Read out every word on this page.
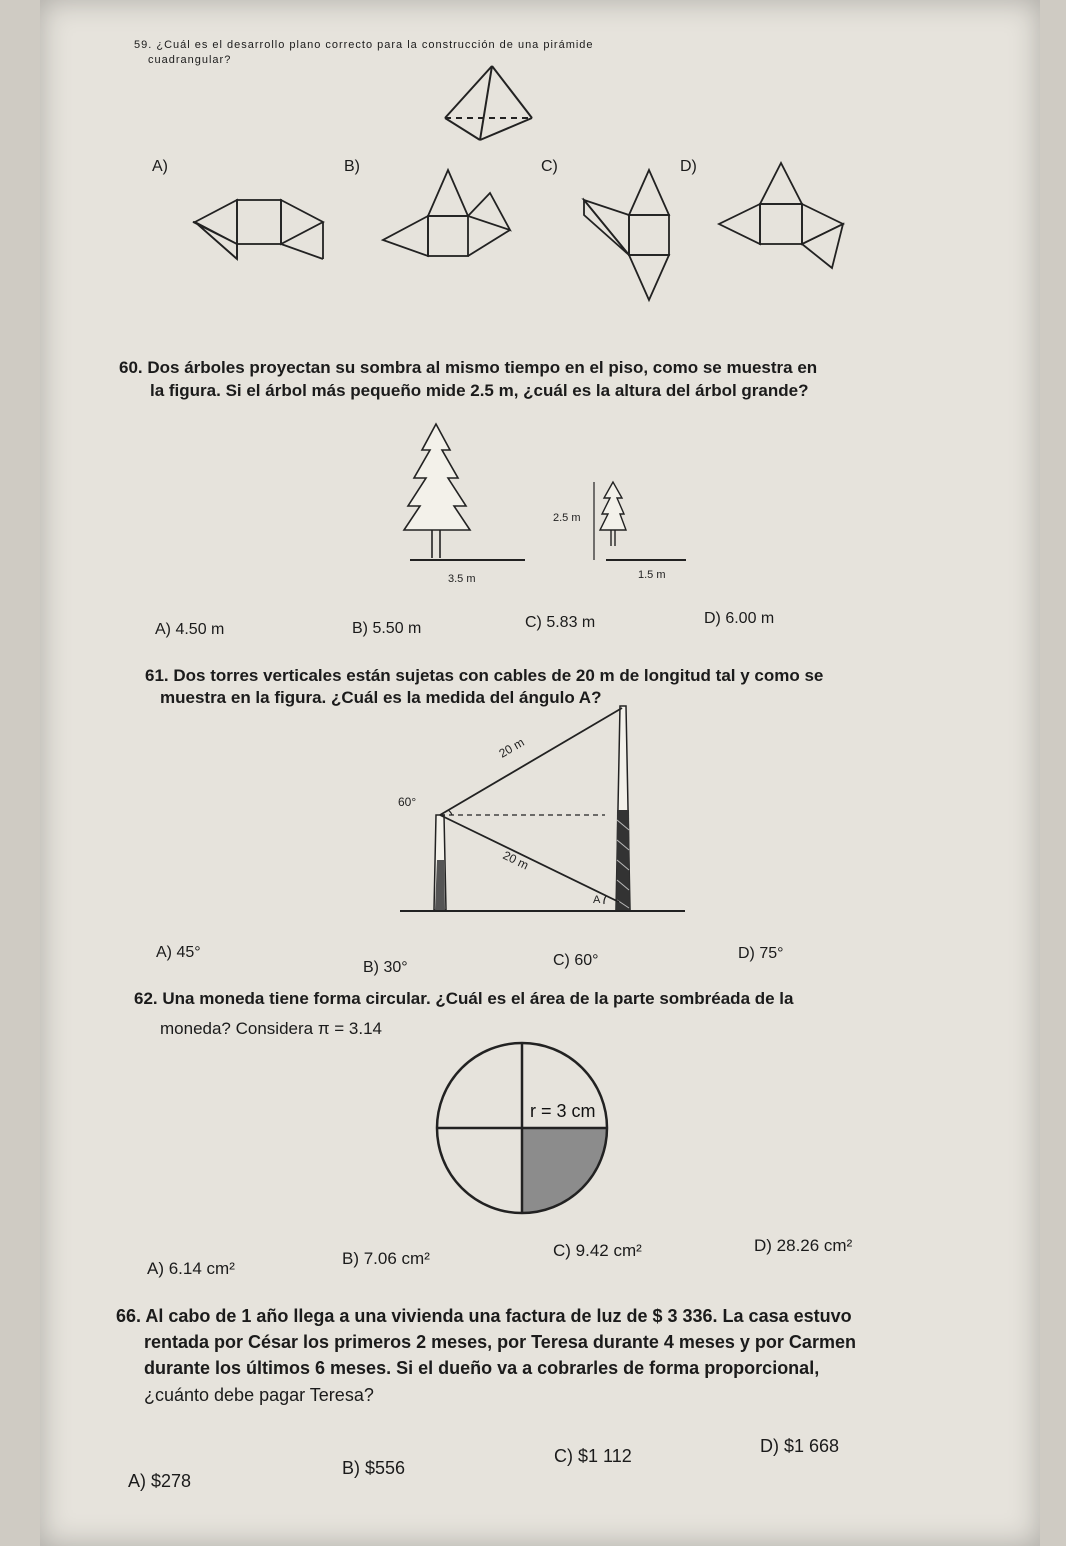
59. ¿Cuál es el desarrollo plano correcto para la construcción de una pirámide
cuadrangular?
A)	B)	C)	D)
60. Dos árboles proyectan su sombra al mismo tiempo en el piso, como se muestra en
la figura. Si el árbol más pequeño mide 2.5 m, ¿cuál es la altura del árbol grande?
3.5 m
2.5 m
1.5 m
A) 4.50 m	B) 5.50 m	C) 5.83 m	D) 6.00 m
61. Dos torres verticales están sujetas con cables de 20 m de longitud tal y como se
muestra en la figura. ¿Cuál es la medida del ángulo A?
20 m
20 m
60°
A
A) 45°
B) 30°	C) 60°	D) 75°
62. Una moneda tiene forma circular. ¿Cuál es el área de la parte sombréada de la
moneda? Considera π = 3.14
r = 3 cm
A) 6.14 cm²
B) 7.06 cm²	C) 9.42 cm²	D) 28.26 cm²
66. Al cabo de 1 año llega a una vivienda una factura de luz de $ 3 336. La casa estuvo
rentada por César los primeros 2 meses, por Teresa durante 4 meses y por Carmen
durante los últimos 6 meses. Si el dueño va a cobrarles de forma proporcional,
¿cuánto debe pagar Teresa?
A) $278
B) $556
C) $1 112	D) $1 668
